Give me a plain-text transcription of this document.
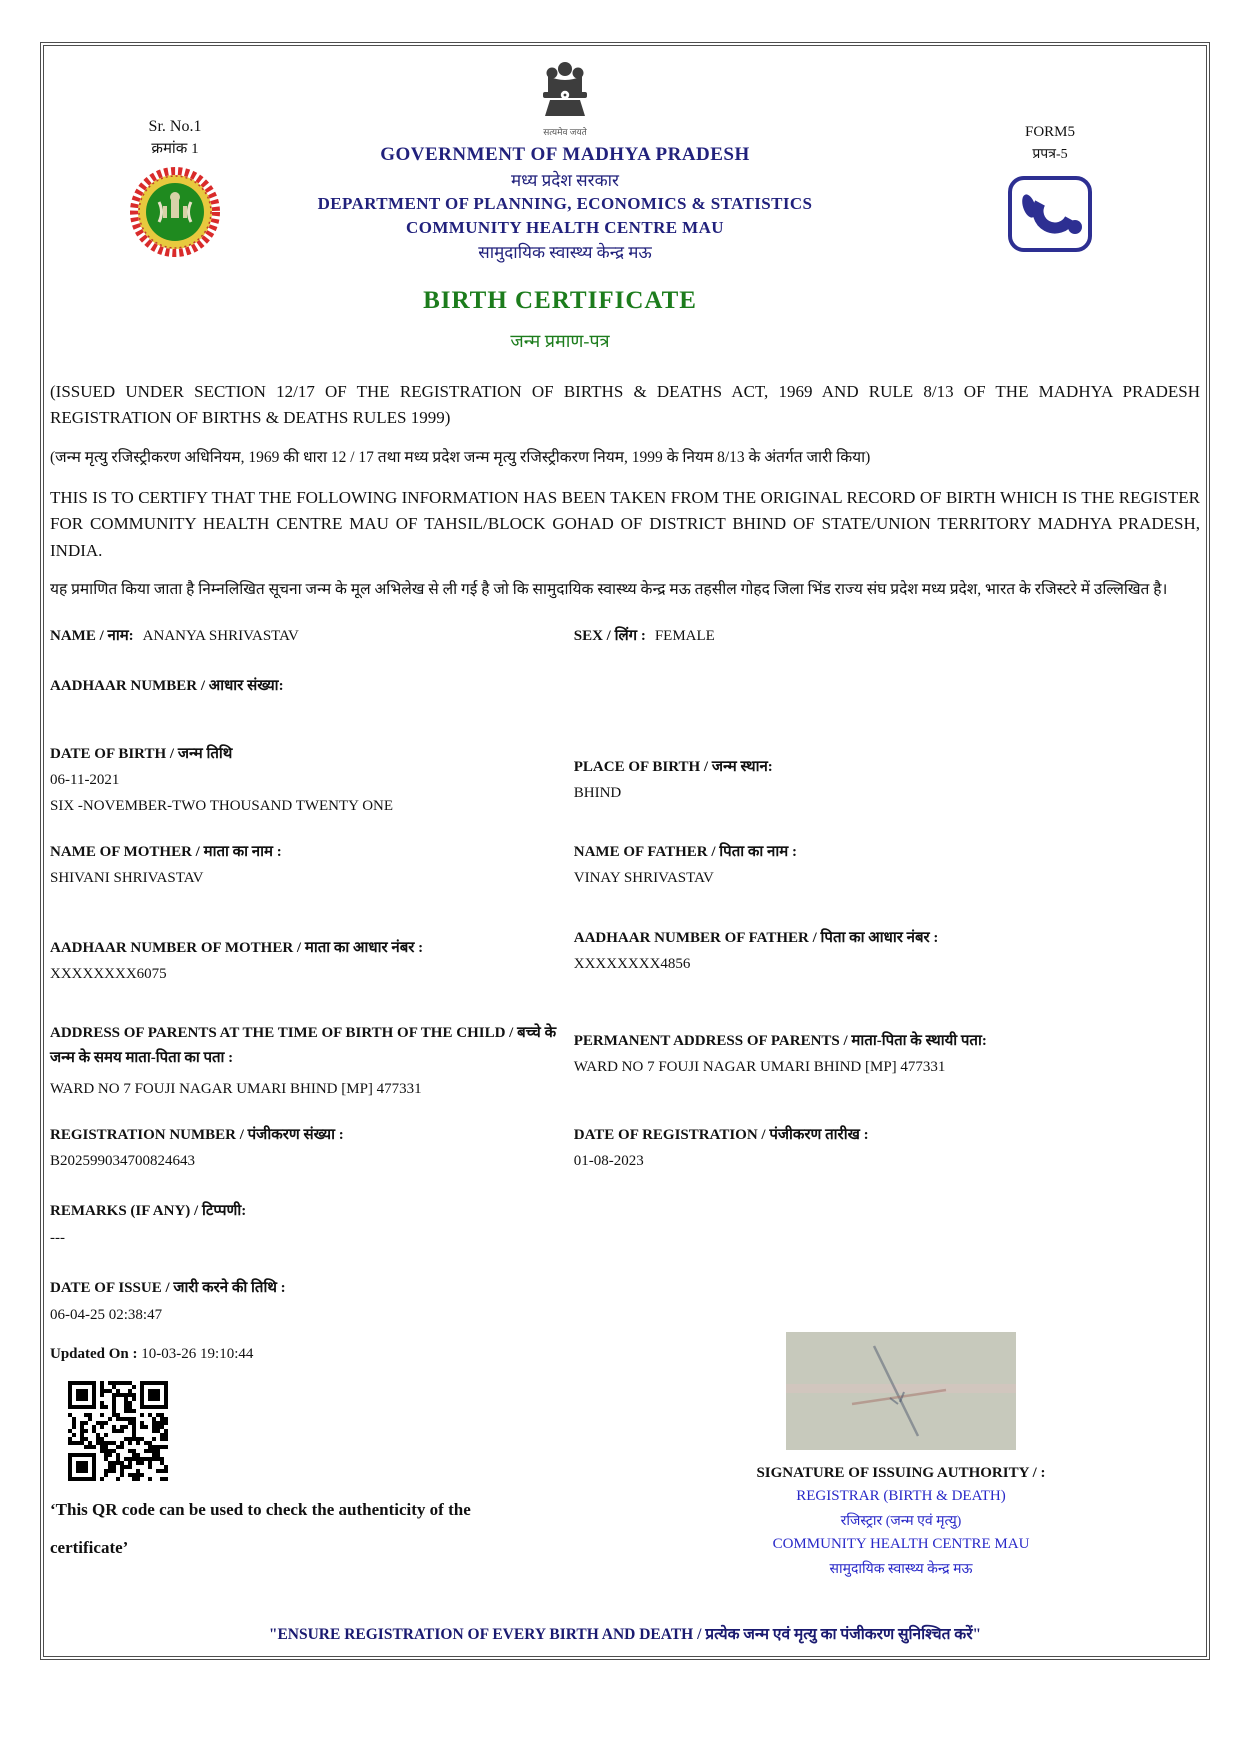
Sr. No.1
क्रमांक 1
सत्यमेव जयते
GOVERNMENT OF MADHYA PRADESH
मध्य प्रदेश सरकार
DEPARTMENT OF PLANNING, ECONOMICS & STATISTICS
COMMUNITY HEALTH CENTRE MAU
सामुदायिक स्वास्थ्य केन्द्र मऊ
FORM5
प्रपत्र-5
BIRTH CERTIFICATE
जन्म प्रमाण-पत्र

(ISSUED UNDER SECTION 12/17 OF THE REGISTRATION OF BIRTHS & DEATHS ACT, 1969 AND RULE 8/13 OF THE MADHYA PRADESH REGISTRATION OF BIRTHS & DEATHS RULES 1999)

(जन्म मृत्यु रजिस्ट्रीकरण अधिनियम, 1969 की धारा 12 / 17 तथा मध्य प्रदेश जन्म मृत्यु रजिस्ट्रीकरण नियम, 1999 के नियम 8/13 के अंतर्गत जारी किया)

THIS IS TO CERTIFY THAT THE FOLLOWING INFORMATION HAS BEEN TAKEN FROM THE ORIGINAL RECORD OF BIRTH WHICH IS THE REGISTER FOR COMMUNITY HEALTH CENTRE MAU OF TAHSIL/BLOCK GOHAD OF DISTRICT BHIND OF STATE/UNION TERRITORY MADHYA PRADESH, INDIA.

यह प्रमाणित किया जाता है निम्नलिखित सूचना जन्म के मूल अभिलेख से ली गई है जो कि सामुदायिक स्वास्थ्य केन्द्र मऊ तहसील गोहद जिला भिंड राज्य संघ प्रदेश मध्य प्रदेश, भारत के रजिस्टरे में उल्लिखित है।

NAME / नाम: ANANYA SHRIVASTAV	SEX / लिंग : FEMALE
AADHAAR NUMBER / आधार संख्या:
DATE OF BIRTH / जन्म तिथि
06-11-2021
SIX -NOVEMBER-TWO THOUSAND TWENTY ONE
PLACE OF BIRTH / जन्म स्थान:
BHIND
NAME OF MOTHER / माता का नाम :
SHIVANI SHRIVASTAV
NAME OF FATHER / पिता का नाम :
VINAY SHRIVASTAV
AADHAAR NUMBER OF MOTHER / माता का आधार नंबर :
XXXXXXXX6075
AADHAAR NUMBER OF FATHER / पिता का आधार नंबर :
XXXXXXXX4856
ADDRESS OF PARENTS AT THE TIME OF BIRTH OF THE CHILD / बच्चे के जन्म के समय माता-पिता का पता :
WARD NO 7 FOUJI NAGAR UMARI BHIND [MP] 477331
PERMANENT ADDRESS OF PARENTS / माता-पिता के स्थायी पता:
WARD NO 7 FOUJI NAGAR UMARI BHIND [MP] 477331
REGISTRATION NUMBER / पंजीकरण संख्या :
B202599034700824643
DATE OF REGISTRATION / पंजीकरण तारीख :
01-08-2023
REMARKS (IF ANY) / टिप्पणी:
---
DATE OF ISSUE / जारी करने की तिथि :
06-04-25 02:38:47
Updated On : 10-03-26 19:10:44
‘This QR code can be used to check the authenticity of the certificate’
SIGNATURE OF ISSUING AUTHORITY / :
REGISTRAR (BIRTH & DEATH)
रजिस्ट्रार (जन्म एवं मृत्यु)
COMMUNITY HEALTH CENTRE MAU
सामुदायिक स्वास्थ्य केन्द्र मऊ
"ENSURE REGISTRATION OF EVERY BIRTH AND DEATH / प्रत्येक जन्म एवं मृत्यु का पंजीकरण सुनिश्चित करें"
